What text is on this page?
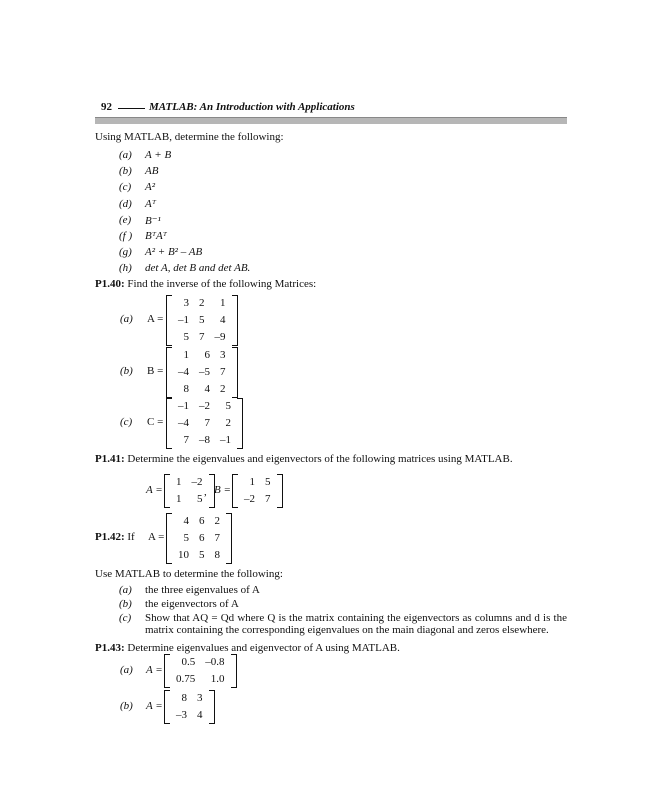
92	MATLAB: An Introduction with Applications
Using MATLAB, determine the following:
(a) A + B
(b) AB
(c) A²
(d) Aᵀ
(e) B⁻¹
(f ) BᵀAᵀ
(g) A² + B² – AB
(h) det A, det B and det AB.
P1.40: Find the inverse of the following Matrices:
(a) A =
3	2	1
–1	5	4
5	7	–9
(b) B =
1	6	3
–4	–5	7
8	4	2
(c) C =
–1	–2	5
–4	7	2
7	–8	–1
P1.41: Determine the eigenvalues and eigenvectors of the following matrices using MATLAB.
A =
1	–2
1	5
, B =
1	5
–2	7
P1.42: If A =
4	6	2
5	6	7
10	5	8
Use MATLAB to determine the following:
(a) the three eigenvalues of A
(b) the eigenvectors of A
(c) Show that AQ = Qd where Q is the matrix containing the eigenvectors as columns and d is the matrix containing the corresponding eigenvalues on the main diagonal and zeros elsewhere.
P1.43: Determine eigenvalues and eigenvector of A using MATLAB.
(a) A =
0.5	–0.8
0.75	1.0
(b) A =
8	3
–3	4
